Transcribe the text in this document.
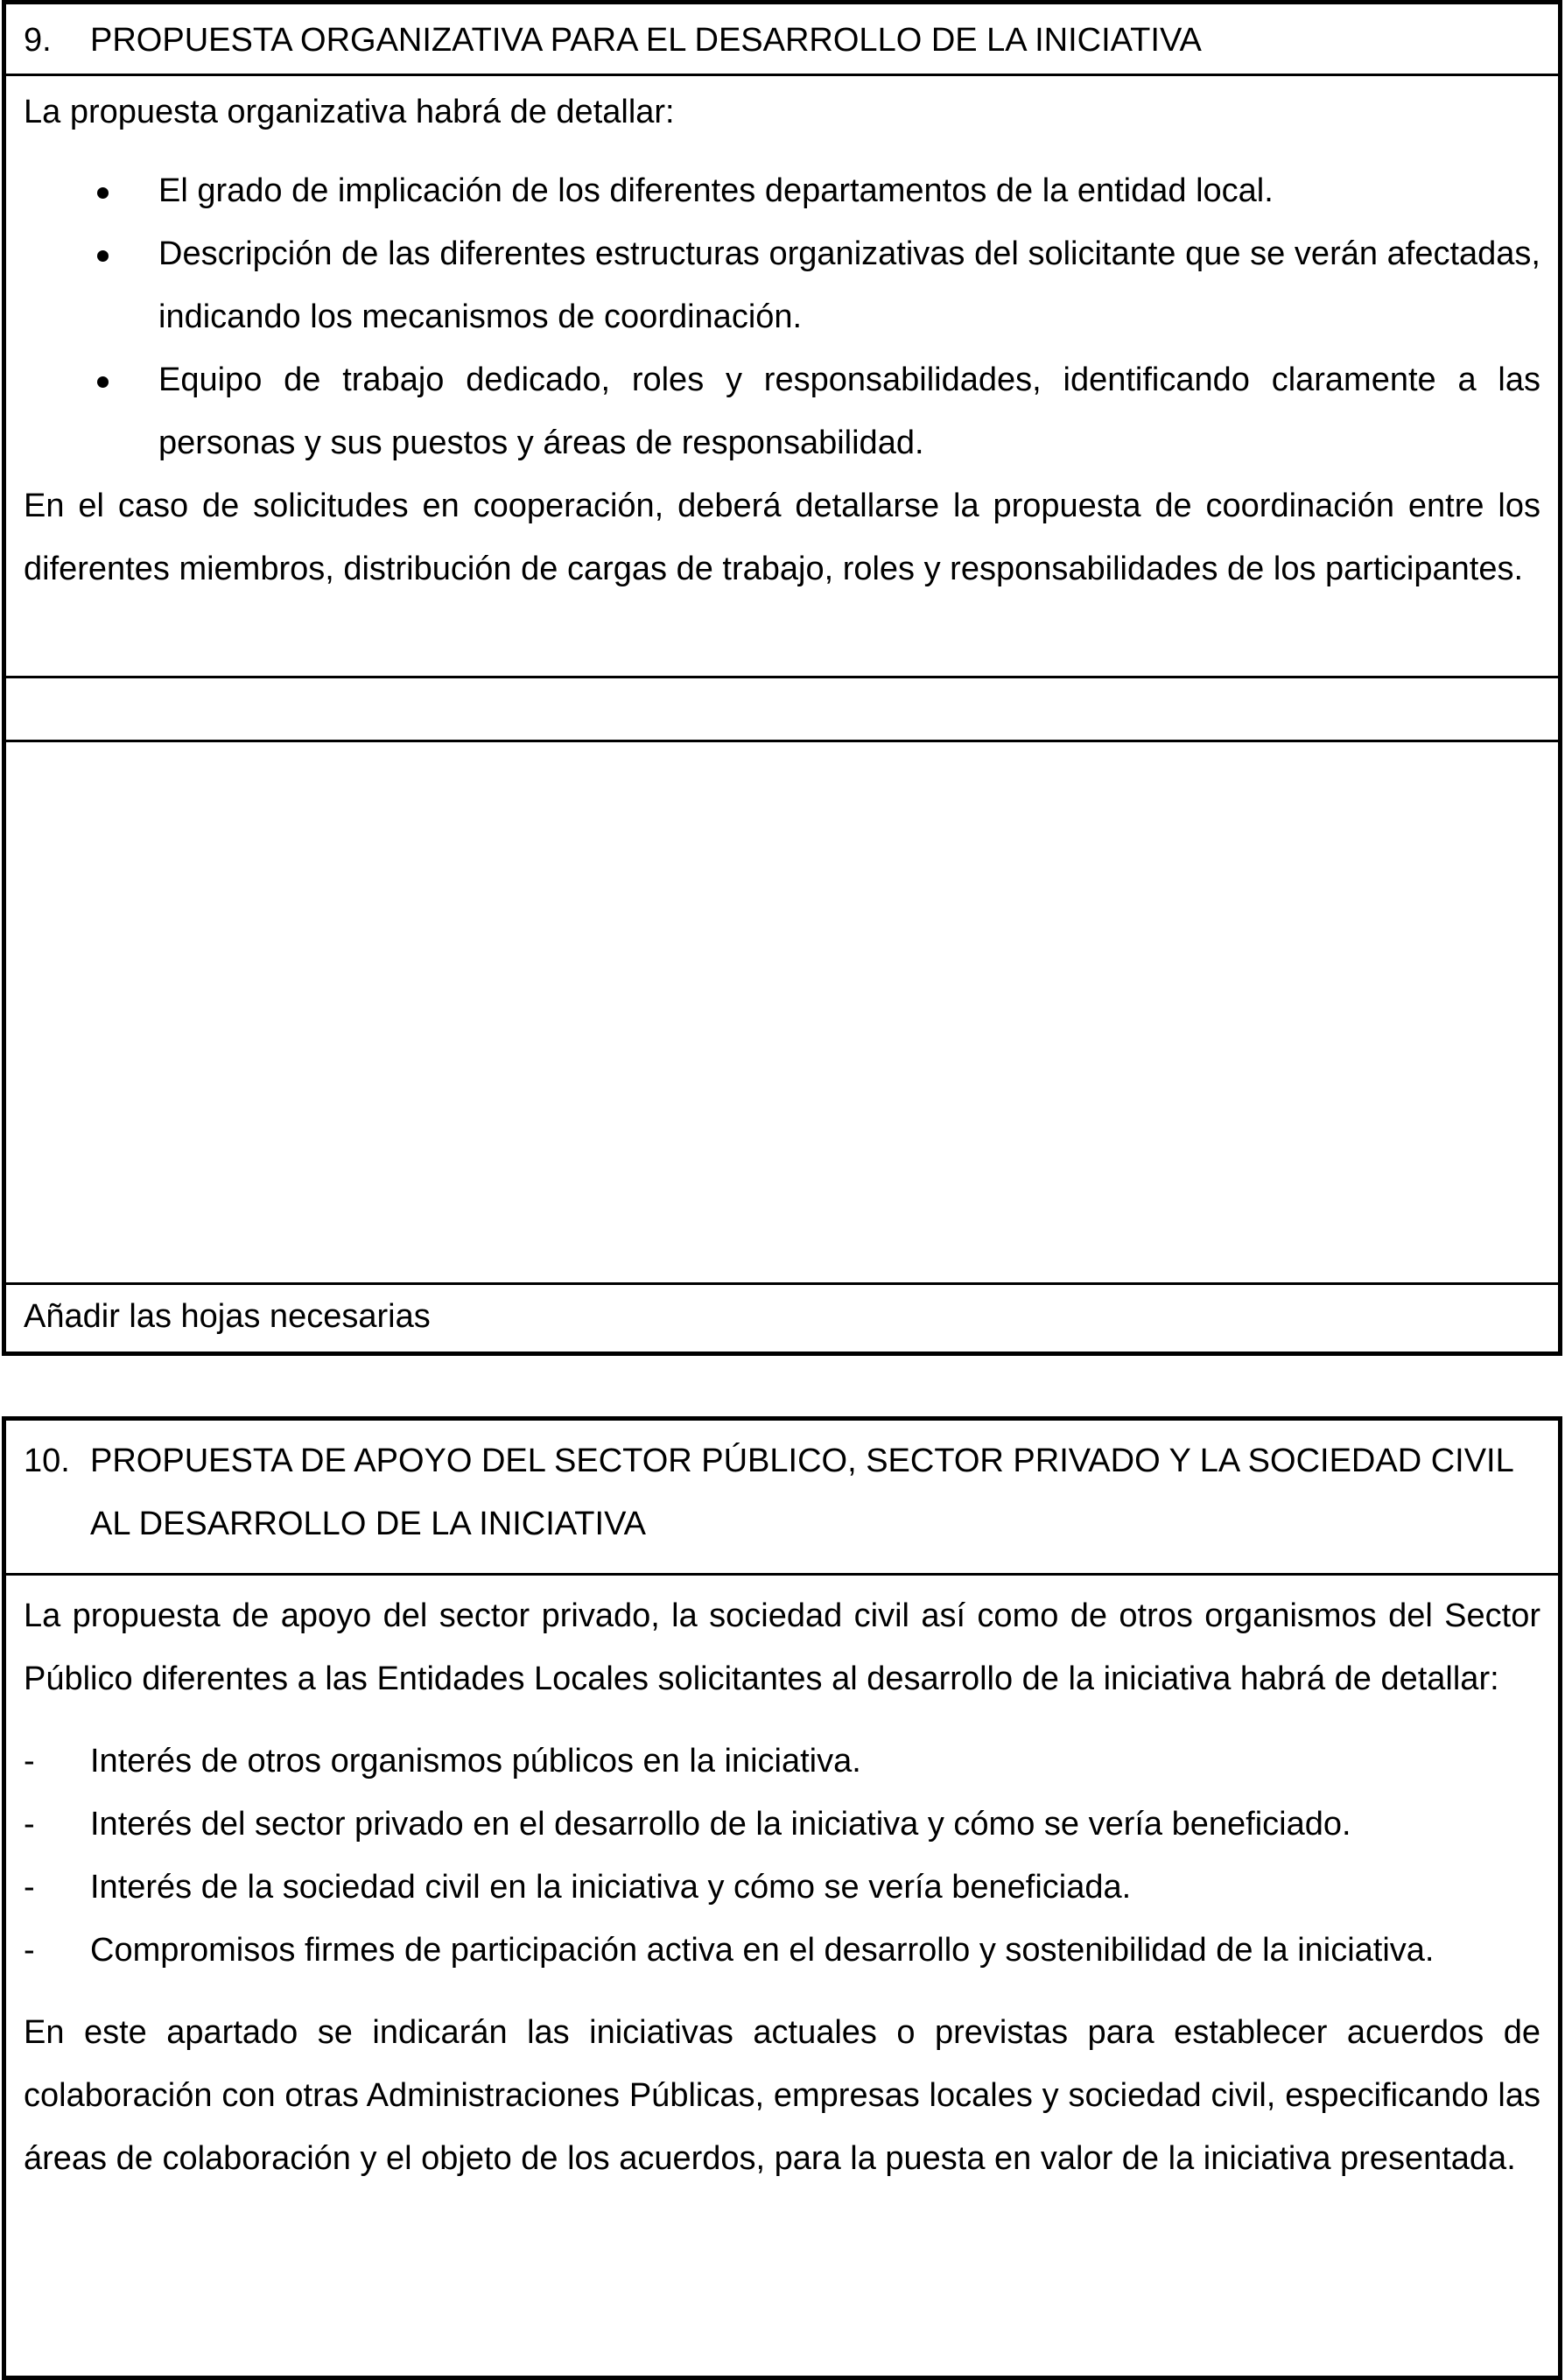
9.	PROPUESTA ORGANIZATIVA PARA EL DESARROLLO DE LA INICIATIVA

La propuesta organizativa habrá de detallar:

El grado de implicación de los diferentes departamentos de la entidad local.
Descripción de las diferentes estructuras organizativas del solicitante que se verán afectadas, indicando los mecanismos de coordinación.
Equipo de trabajo dedicado, roles y responsabilidades, identificando claramente a las personas y sus puestos y áreas de responsabilidad.

En el caso de solicitudes en cooperación, deberá detallarse la propuesta de coordinación entre los diferentes miembros, distribución de cargas de trabajo, roles y responsabilidades de los participantes.

Añadir las hojas necesarias
10. PROPUESTA DE APOYO DEL SECTOR PÚBLICO, SECTOR PRIVADO Y LA SOCIEDAD CIVIL AL DESARROLLO DE LA INICIATIVA

La propuesta de apoyo del sector privado, la sociedad civil así como de otros organismos del Sector Público diferentes a las Entidades Locales solicitantes al desarrollo de la iniciativa habrá de detallar:

- Interés de otros organismos públicos en la iniciativa.
- Interés del sector privado en el desarrollo de la iniciativa y cómo se vería beneficiado.
- Interés de la sociedad civil en la iniciativa y cómo se vería beneficiada.
- Compromisos firmes de participación activa en el desarrollo y sostenibilidad de la iniciativa.

En este apartado se indicarán las iniciativas actuales o previstas para establecer acuerdos de colaboración con otras Administraciones Públicas, empresas locales y sociedad civil, especificando las áreas de colaboración y el objeto de los acuerdos, para la puesta en valor de la iniciativa presentada.
